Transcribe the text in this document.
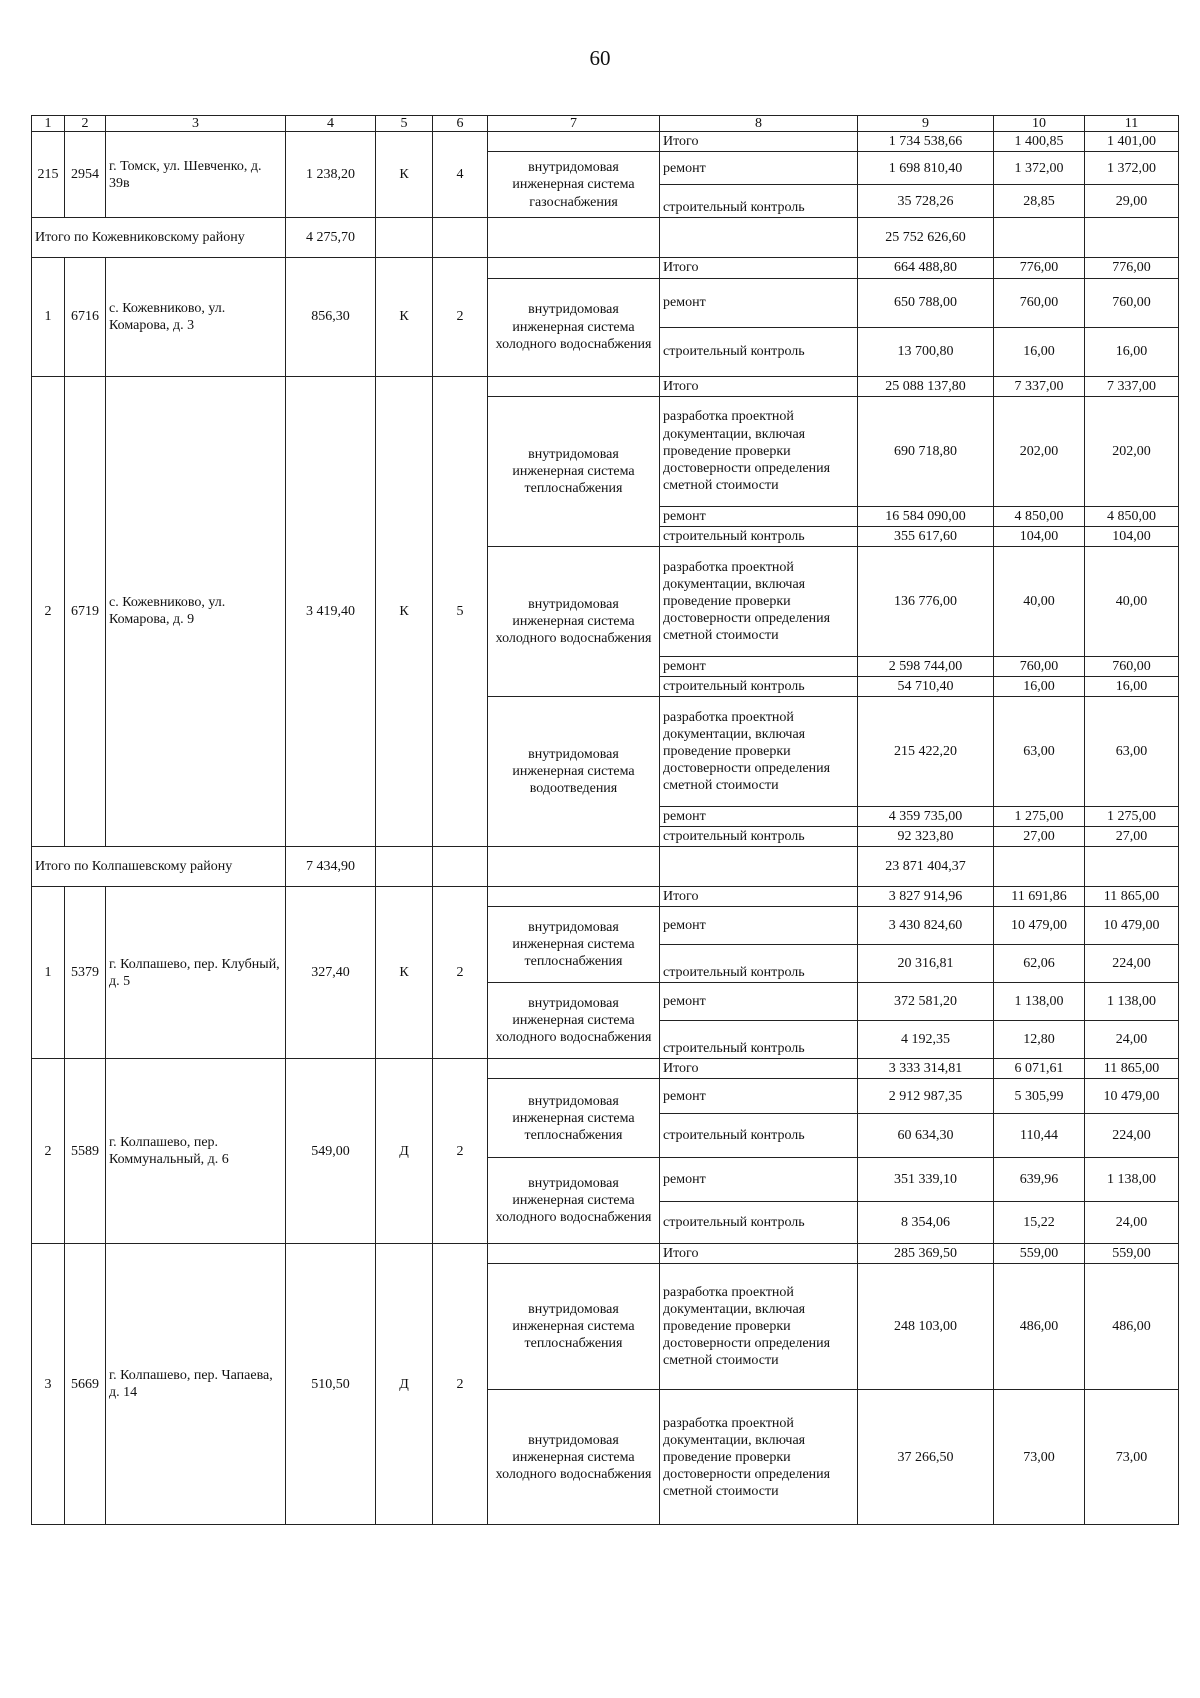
60
1	2	3	4	5	6	7	8	9	10	11
215	2954	г. Томск, ул. Шевченко, д. 39в	1 238,20	К	4		Итого	1 734 538,66	1 400,85	1 401,00
						внутридомовая инженерная система газоснабжения	ремонт	1 698 810,40	1 372,00	1 372,00
							строительный контроль	35 728,26	28,85	29,00
Итого по Кожевниковскому району			4 275,70					25 752 626,60		
1	6716	с. Кожевниково, ул. Комарова, д. 3	856,30	К	2		Итого	664 488,80	776,00	776,00
						внутридомовая инженерная система холодного водоснабжения	ремонт	650 788,00	760,00	760,00
							строительный контроль	13 700,80	16,00	16,00
2	6719	с. Кожевниково, ул. Комарова, д. 9	3 419,40	К	5		Итого	25 088 137,80	7 337,00	7 337,00
						внутридомовая инженерная система теплоснабжения	разработка проектной документации, включая проведение проверки достоверности определения сметной стоимости	690 718,80	202,00	202,00
							ремонт	16 584 090,00	4 850,00	4 850,00
							строительный контроль	355 617,60	104,00	104,00
						внутридомовая инженерная система холодного водоснабжения	разработка проектной документации, включая проведение проверки достоверности определения сметной стоимости	136 776,00	40,00	40,00
							ремонт	2 598 744,00	760,00	760,00
							строительный контроль	54 710,40	16,00	16,00
						внутридомовая инженерная система водоотведения	разработка проектной документации, включая проведение проверки достоверности определения сметной стоимости	215 422,20	63,00	63,00
							ремонт	4 359 735,00	1 275,00	1 275,00
							строительный контроль	92 323,80	27,00	27,00
Итого по Колпашевскому району			7 434,90					23 871 404,37		
1	5379	г. Колпашево, пер. Клубный, д. 5	327,40	К	2		Итого	3 827 914,96	11 691,86	11 865,00
						внутридомовая инженерная система теплоснабжения	ремонт	3 430 824,60	10 479,00	10 479,00
							строительный контроль	20 316,81	62,06	224,00
						внутридомовая инженерная система холодного водоснабжения	ремонт	372 581,20	1 138,00	1 138,00
							строительный контроль	4 192,35	12,80	24,00
2	5589	г. Колпашево, пер. Коммунальный, д. 6	549,00	Д	2		Итого	3 333 314,81	6 071,61	11 865,00
						внутридомовая инженерная система теплоснабжения	ремонт	2 912 987,35	5 305,99	10 479,00
							строительный контроль	60 634,30	110,44	224,00
						внутридомовая инженерная система холодного водоснабжения	ремонт	351 339,10	639,96	1 138,00
							строительный контроль	8 354,06	15,22	24,00
3	5669	г. Колпашево, пер. Чапаева, д. 14	510,50	Д	2		Итого	285 369,50	559,00	559,00
						внутридомовая инженерная система теплоснабжения	разработка проектной документации, включая проведение проверки достоверности определения сметной стоимости	248 103,00	486,00	486,00
						внутридомовая инженерная система холодного водоснабжения	разработка проектной документации, включая проведение проверки достоверности определения сметной стоимости	37 266,50	73,00	73,00
